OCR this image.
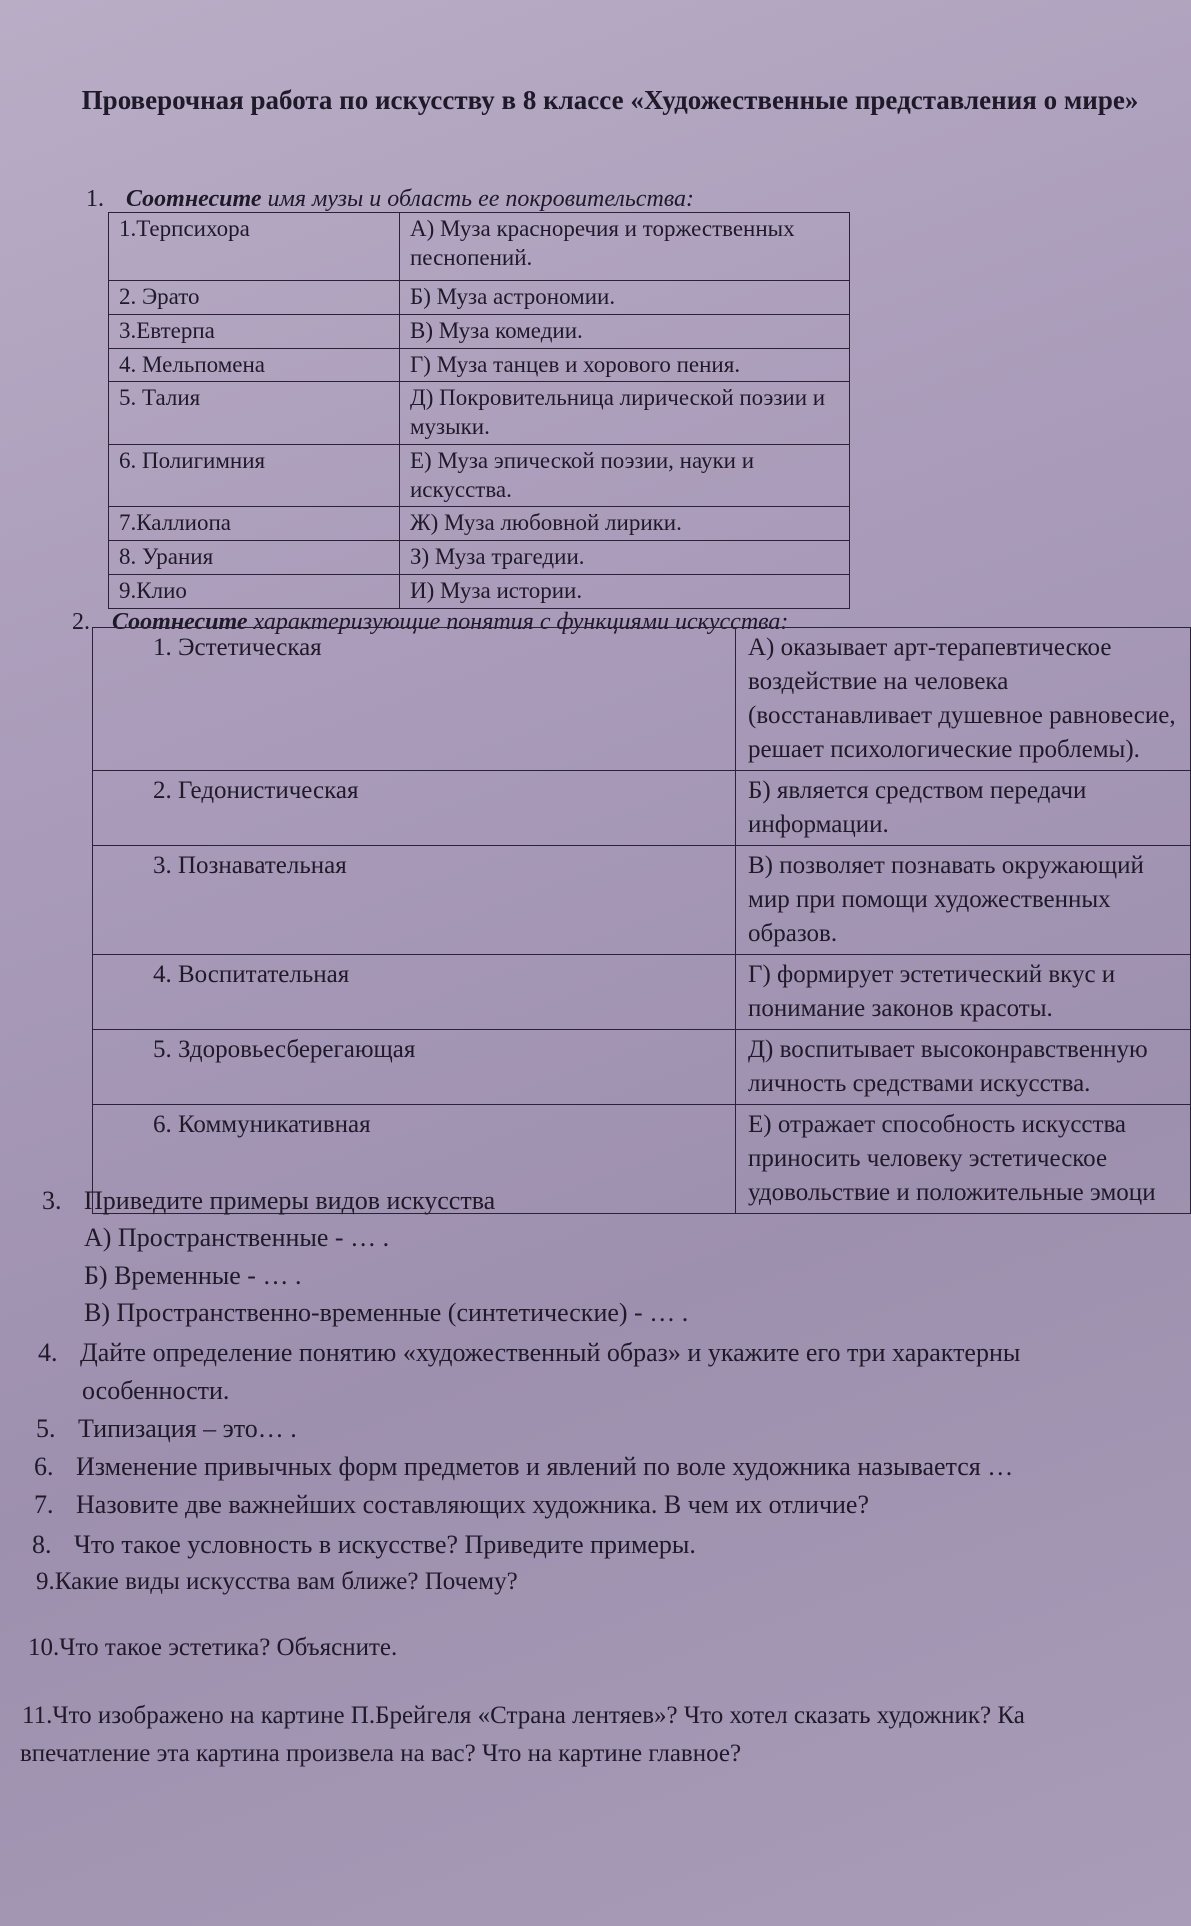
Проверочная работа по искусству в 8 классе «Художественные представления о мире»
1. Соотнесите имя музы и область ее покровительства:
1.Терпсихора	А) Муза красноречия и торжественных песнопений.
2. Эрато	Б) Муза астрономии.
3.Евтерпа	В) Муза комедии.
4. Мельпомена	Г) Муза танцев и хорового пения.
5. Талия	Д) Покровительница лирической поэзии и музыки.
6. Полигимния	Е) Муза эпической поэзии, науки и искусства.
7.Каллиопа	Ж) Муза любовной лирики.
8. Урания	З) Муза трагедии.
9.Клио	И) Муза истории.
2. Соотнесите характеризующие понятия с функциями искусства:
1. Эстетическая	А) оказывает арт-терапевтическое воздействие на человека (восстанавливает душевное равновесие, решает психологические проблемы).
2. Гедонистическая	Б) является средством передачи информации.
3. Познавательная	В) позволяет познавать окружающий мир при помощи художественных образов.
4. Воспитательная	Г) формирует эстетический вкус и понимание законов красоты.
5. Здоровьесберегающая	Д) воспитывает высоконравственную личность средствами искусства.
6. Коммуникативная	Е) отражает способность искусства приносить человеку эстетическое удовольствие и положительные эмоци
3. Приведите примеры видов искусства
А) Пространственные - … .
Б) Временные - … .
В) Пространственно-временные (синтетические) - … .
4. Дайте определение понятию «художественный образ» и укажите его три характерны
особенности.
5. Типизация – это… .
6. Изменение привычных форм предметов и явлений по воле художника называется …
7. Назовите две важнейших составляющих художника. В чем их отличие?
8. Что такое условность в искусстве? Приведите примеры.
9.Какие виды искусства вам ближе? Почему?
10.Что такое эстетика? Объясните.
11.Что изображено на картине П.Брейгеля «Страна лентяев»? Что хотел сказать художник? Ка
впечатление эта картина произвела на вас? Что на картине главное?
